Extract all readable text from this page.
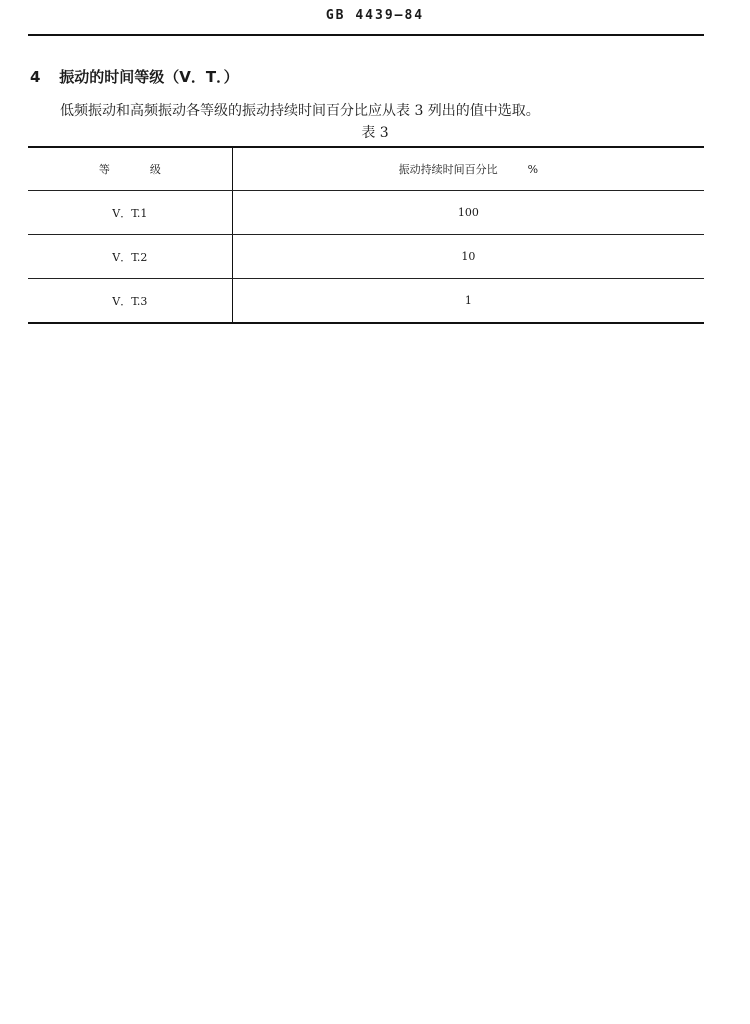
GB 4439—84
4 振动的时间等级（V．T．）
低频振动和高频振动各等级的振动持续时间百分比应从表 3 列出的值中选取。
表 3
等 级	振动持续时间百分比 %
V．T.1	100
V．T.2	10
V．T.3	1
